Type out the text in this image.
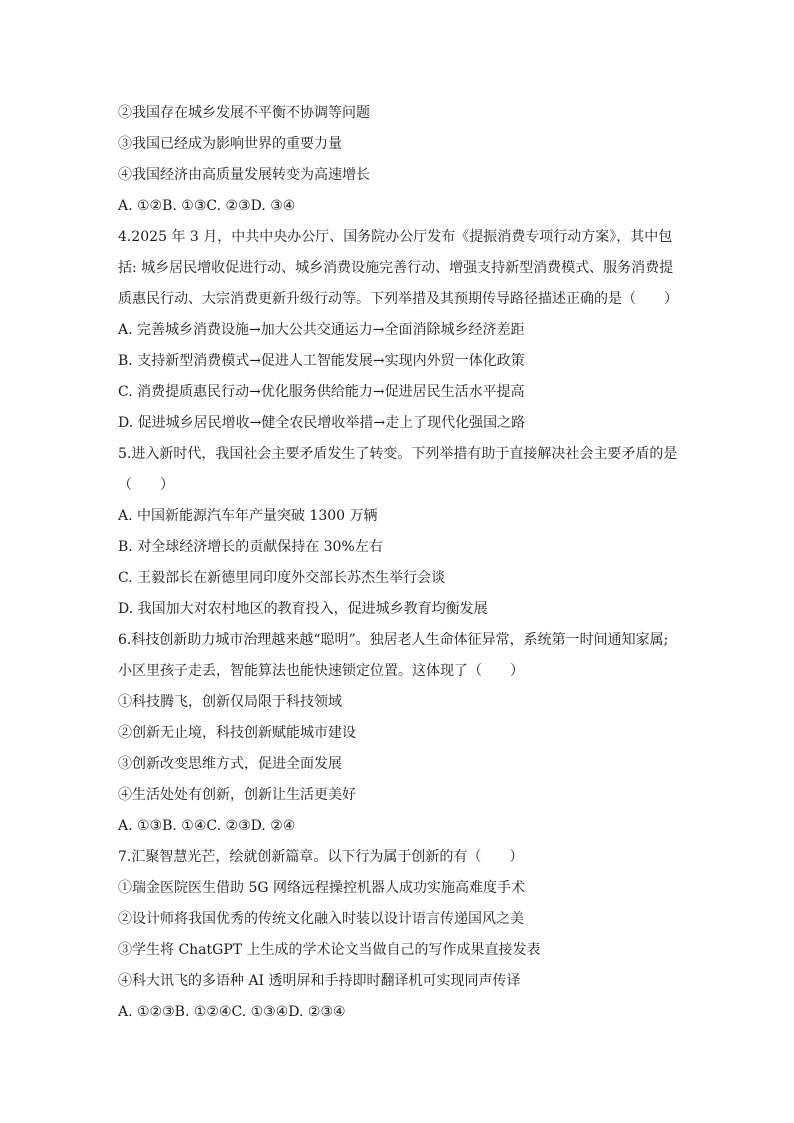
②我国存在城乡发展不平衡不协调等问题
③我国已经成为影响世界的重要力量
④我国经济由高质量发展转变为高速增长
A. ①②B. ①③C. ②③D. ③④
4.2025 年 3 月，中共中央办公厅、国务院办公厅发布《提振消费专项行动方案》，其中包
括: 城乡居民增收促进行动、城乡消费设施完善行动、增强支持新型消费模式、服务消费提
质惠民行动、大宗消费更新升级行动等。下列举措及其预期传导路径描述正确的是（　　）
A. 完善城乡消费设施→加大公共交通运力→全面消除城乡经济差距
B. 支持新型消费模式→促进人工智能发展→实现内外贸一体化政策
C. 消费提质惠民行动→优化服务供给能力→促进居民生活水平提高
D. 促进城乡居民增收→健全农民增收举措→走上了现代化强国之路
5.进入新时代，我国社会主要矛盾发生了转变。下列举措有助于直接解决社会主要矛盾的是
（　　）
A. 中国新能源汽车年产量突破 1300 万辆
B. 对全球经济增长的贡献保持在 30%左右
C. 王毅部长在新德里同印度外交部长苏杰生举行会谈
D. 我国加大对农村地区的教育投入，促进城乡教育均衡发展
6.科技创新助力城市治理越来越“聪明”。独居老人生命体征异常，系统第一时间通知家属;
小区里孩子走丢，智能算法也能快速锁定位置。这体现了（　　）
①科技腾飞，创新仅局限于科技领域
②创新无止境，科技创新赋能城市建设
③创新改变思维方式，促进全面发展
④生活处处有创新，创新让生活更美好
A. ①③B. ①④C. ②③D. ②④
7.汇聚智慧光芒，绘就创新篇章。以下行为属于创新的有（　　）
①瑞金医院医生借助 5G 网络远程操控机器人成功实施高难度手术
②设计师将我国优秀的传统文化融入时装以设计语言传递国风之美
③学生将 ChatGPT 上生成的学术论文当做自己的写作成果直接发表
④科大讯飞的多语种 AI 透明屏和手持即时翻译机可实现同声传译
A. ①②③B. ①②④C. ①③④D. ②③④
